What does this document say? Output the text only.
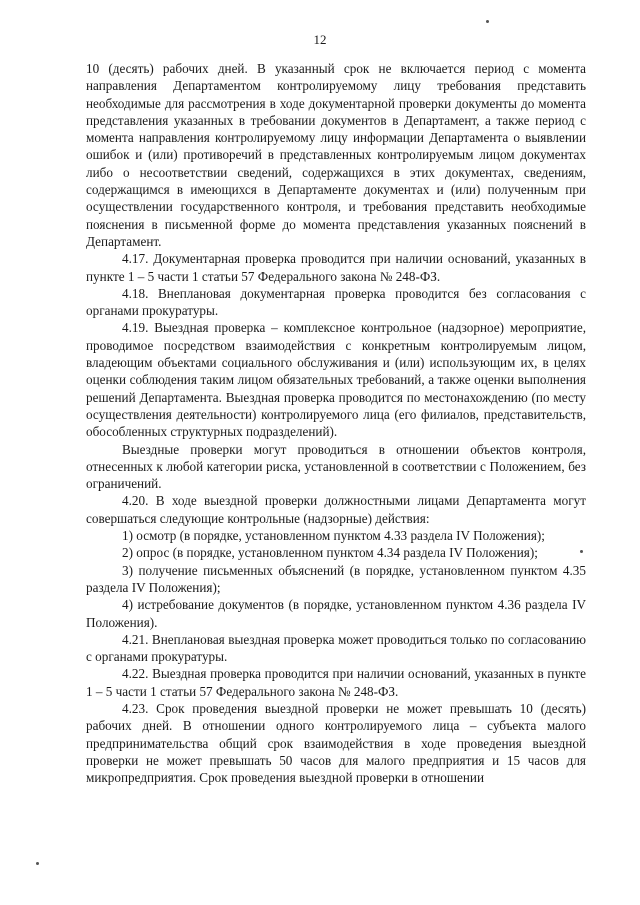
12

10 (десять) рабочих дней. В указанный срок не включается период с момента направления Департаментом контролируемому лицу требования представить необходимые для рассмотрения в ходе документарной проверки документы до момента представления указанных в требовании документов в Департамент, а также период с момента направления контролируемому лицу информации Департамента о выявлении ошибок и (или) противоречий в представленных контролируемым лицом документах либо о несоответствии сведений, содержащихся в этих документах, сведениям, содержащимся в имеющихся в Департаменте документах и (или) полученным при осуществлении государственного контроля, и требования представить необходимые пояснения в письменной форме до момента представления указанных пояснений в Департамент.

4.17. Документарная проверка проводится при наличии оснований, указанных в пункте 1 – 5 части 1 статьи 57 Федерального закона № 248-ФЗ.

4.18. Внеплановая документарная проверка проводится без согласования с органами прокуратуры.

4.19. Выездная проверка – комплексное контрольное (надзорное) мероприятие, проводимое посредством взаимодействия с конкретным контролируемым лицом, владеющим объектами социального обслуживания и (или) использующим их, в целях оценки соблюдения таким лицом обязательных требований, а также оценки выполнения решений Департамента. Выездная проверка проводится по местонахождению (по месту осуществления деятельности) контролируемого лица (его филиалов, представительств, обособленных структурных подразделений).

Выездные проверки могут проводиться в отношении объектов контроля, отнесенных к любой категории риска, установленной в соответствии с Положением, без ограничений.

4.20. В ходе выездной проверки должностными лицами Департамента могут совершаться следующие контрольные (надзорные) действия:

1) осмотр (в порядке, установленном пунктом 4.33 раздела IV Положения);

2) опрос (в порядке, установленном пунктом 4.34 раздела IV Положения);

3) получение письменных объяснений (в порядке, установленном пунктом 4.35 раздела IV Положения);

4) истребование документов (в порядке, установленном пунктом 4.36 раздела IV Положения).

4.21. Внеплановая выездная проверка может проводиться только по согласованию с органами прокуратуры.

4.22. Выездная проверка проводится при наличии оснований, указанных в пункте 1 – 5 части 1 статьи 57 Федерального закона № 248-ФЗ.

4.23. Срок проведения выездной проверки не может превышать 10 (десять) рабочих дней. В отношении одного контролируемого лица – субъекта малого предпринимательства общий срок взаимодействия в ходе проведения выездной проверки не может превышать 50 часов для малого предприятия и 15 часов для микропредприятия. Срок проведения выездной проверки в отношении
